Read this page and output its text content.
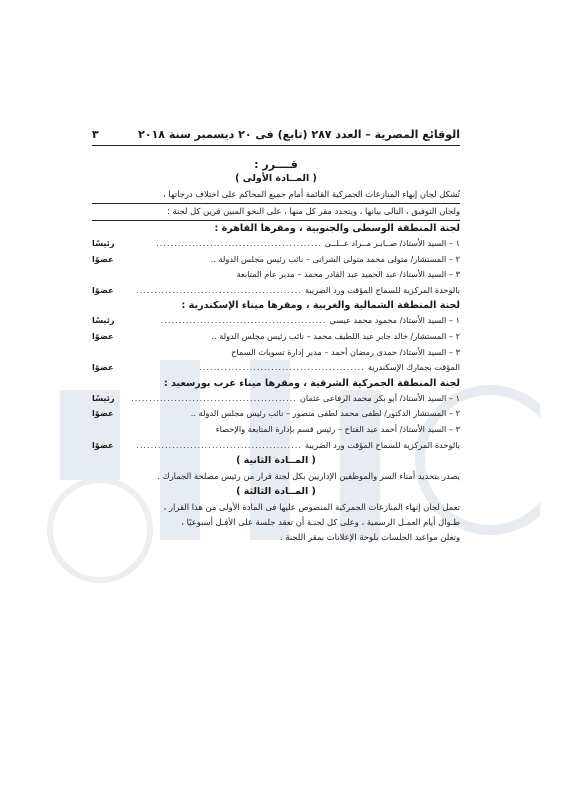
الوقائع المصرية – العدد ٢٨٧ (تابع) فى ٢٠ ديسمبر سنة ٢٠١٨
٣
قــــرر :
( المــادة الأولى )
تُشكل لجان إنهاء المنازعات الجمركية القائمة أمام جميع المحاكم على اختلاف درجاتها ،
ولجان التوفيق ، التالى بيانها ، ويتحدد مقر كل منها ، على النحو المبين قرين كل لجنة :
لجنة المنطقة الوسطى والجنوبية ، ومقرها القاهرة :
١ – السيد الأستاذ/ صــابـر مــراد عــلــى
..............................................
رئيسًا
٢ – المستشار/ متولى محمد متولى الشرانى – نائب رئيس مجلس الدولة ..
عضوًا
٣ – السيد الأستاذ/ عبد الحميد عبد القادر محمد – مدير عام المتابعة
بالوحدة المركزية للسماح المؤقت ورد الضريبة
..............................................
عضوًا
لجنة المنطقة الشمالية والغربية ، ومقرها ميناء الإسكندرية :
١ – السيد الأستاذ/ محمود محمد عيسى
..............................................
رئيسًا
٢ – المستشار/ خالد جابر عبد اللطيف محمد – نائب رئيس مجلس الدولة ..
عضوًا
٣ – السيد الأستاذ/ حمدى رمضان أحمد – مدير إدارة تسويات السماح
المؤقت بجمارك الإسكندرية
..............................................
عضوًا
لجنة المنطقة الجمركية الشرقية ، ومقرها ميناء غرب بورسعيد :
١ – السيد الأستاذ/ أبو بكر محمد الرفاعى عثمان
..............................................
رئيسًا
٢ – المستشار الدكتور/ لطفى محمد لطفى منصور – نائب رئيس مجلس الدولة ..
عضوًا
٣ – السيد الأستاذ/ أحمد عبد الفتاح – رئيس قسم بإدارة المتابعة والإحصاء
بالوحدة المركزية للسماح المؤقت ورد الضريبة
..............................................
عضوًا
( المــادة الثانية )
يصدر بتحديد أمناء السر والموظفين الإداريين بكل لجنة قرار من رئيس مصلحة الجمارك .
( المــادة الثالثة )
تعمل لجان إنهاء المنازعات الجمركية المنصوص عليها فى المادة الأولى من هذا القرار ،
طـوال أيام العمـل الرسمية ، وعلى كل لجنـة أن تعقد جلسة على الأقـل أسبوعيًا ،
وتعلن مواعيد الجلسات بلوحة الإعلانات بمقر اللجنة .
